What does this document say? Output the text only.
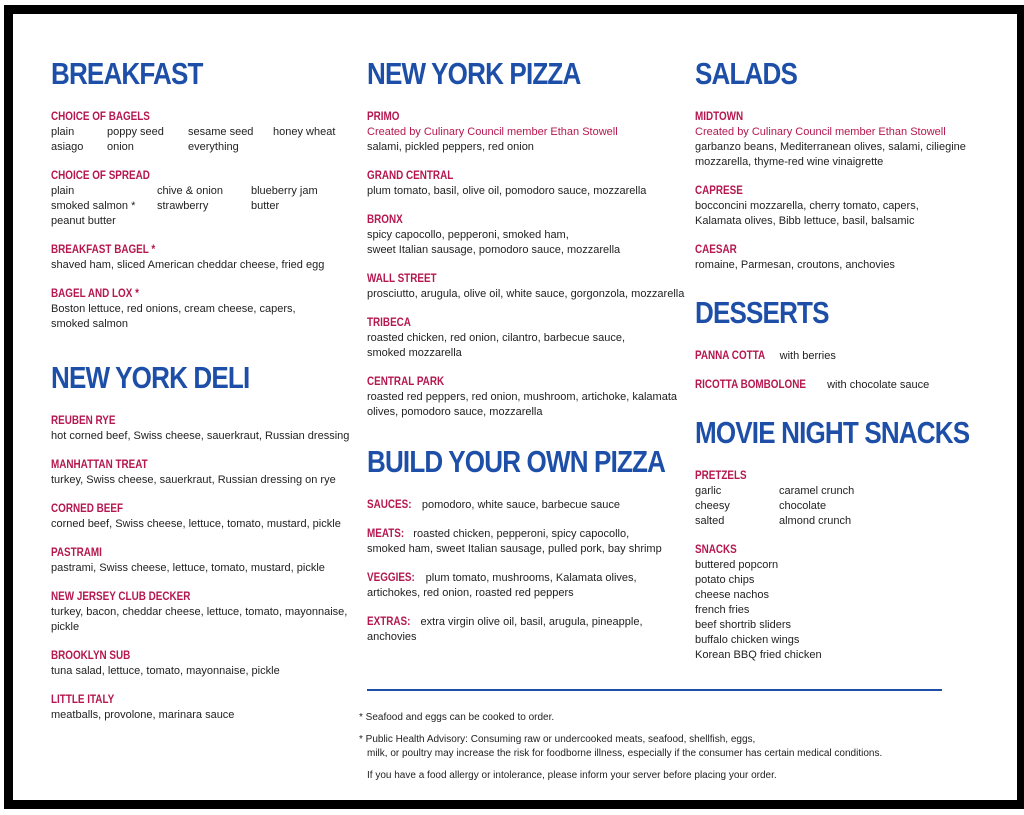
BREAKFAST
CHOICE OF BAGELS
plain	poppy seed	sesame seed	honey wheat
asiago	onion	everything
CHOICE OF SPREAD
plain	chive & onion	blueberry jam
smoked salmon *	strawberry	butter
peanut butter
BREAKFAST BAGEL *
shaved ham, sliced American cheddar cheese, fried egg
BAGEL AND LOX *
Boston lettuce, red onions, cream cheese, capers,
smoked salmon
NEW YORK DELI
REUBEN RYE
hot corned beef, Swiss cheese, sauerkraut, Russian dressing
MANHATTAN TREAT
turkey, Swiss cheese, sauerkraut, Russian dressing on rye
CORNED BEEF
corned beef, Swiss cheese, lettuce, tomato, mustard, pickle
PASTRAMI
pastrami, Swiss cheese, lettuce, tomato, mustard, pickle
NEW JERSEY CLUB DECKER
turkey, bacon, cheddar cheese, lettuce, tomato, mayonnaise,
pickle
BROOKLYN SUB
tuna salad, lettuce, tomato, mayonnaise, pickle
LITTLE ITALY
meatballs, provolone, marinara sauce
NEW YORK PIZZA
PRIMO
Created by Culinary Council member Ethan Stowell
salami, pickled peppers, red onion
GRAND CENTRAL
plum tomato, basil, olive oil, pomodoro sauce, mozzarella
BRONX
spicy capocollo, pepperoni, smoked ham,
sweet Italian sausage, pomodoro sauce, mozzarella
WALL STREET
prosciutto, arugula, olive oil, white sauce, gorgonzola, mozzarella
TRIBECA
roasted chicken, red onion, cilantro, barbecue sauce,
smoked mozzarella
CENTRAL PARK
roasted red peppers, red onion, mushroom, artichoke, kalamata
olives, pomodoro sauce, mozzarella
BUILD YOUR OWN PIZZA
SAUCES: pomodoro, white sauce, barbecue sauce
MEATS: roasted chicken, pepperoni, spicy capocollo,
smoked ham, sweet Italian sausage, pulled pork, bay shrimp
VEGGIES: plum tomato, mushrooms, Kalamata olives,
artichokes, red onion, roasted red peppers
EXTRAS: extra virgin olive oil, basil, arugula, pineapple,
anchovies
SALADS
MIDTOWN
Created by Culinary Council member Ethan Stowell
garbanzo beans, Mediterranean olives, salami, ciliegine
mozzarella, thyme-red wine vinaigrette
CAPRESE
bocconcini mozzarella, cherry tomato, capers,
Kalamata olives, Bibb lettuce, basil, balsamic
CAESAR
romaine, Parmesan, croutons, anchovies
DESSERTS
PANNA COTTA with berries
RICOTTA BOMBOLONE with chocolate sauce
MOVIE NIGHT SNACKS
PRETZELS
garlic	caramel crunch
cheesy	chocolate
salted	almond crunch
SNACKS
buttered popcorn
potato chips
cheese nachos
french fries
beef shortrib sliders
buffalo chicken wings
Korean BBQ fried chicken
* Seafood and eggs can be cooked to order.
* Public Health Advisory: Consuming raw or undercooked meats, seafood, shellfish, eggs,
milk, or poultry may increase the risk for foodborne illness, especially if the consumer has certain medical conditions.
If you have a food allergy or intolerance, please inform your server before placing your order.
